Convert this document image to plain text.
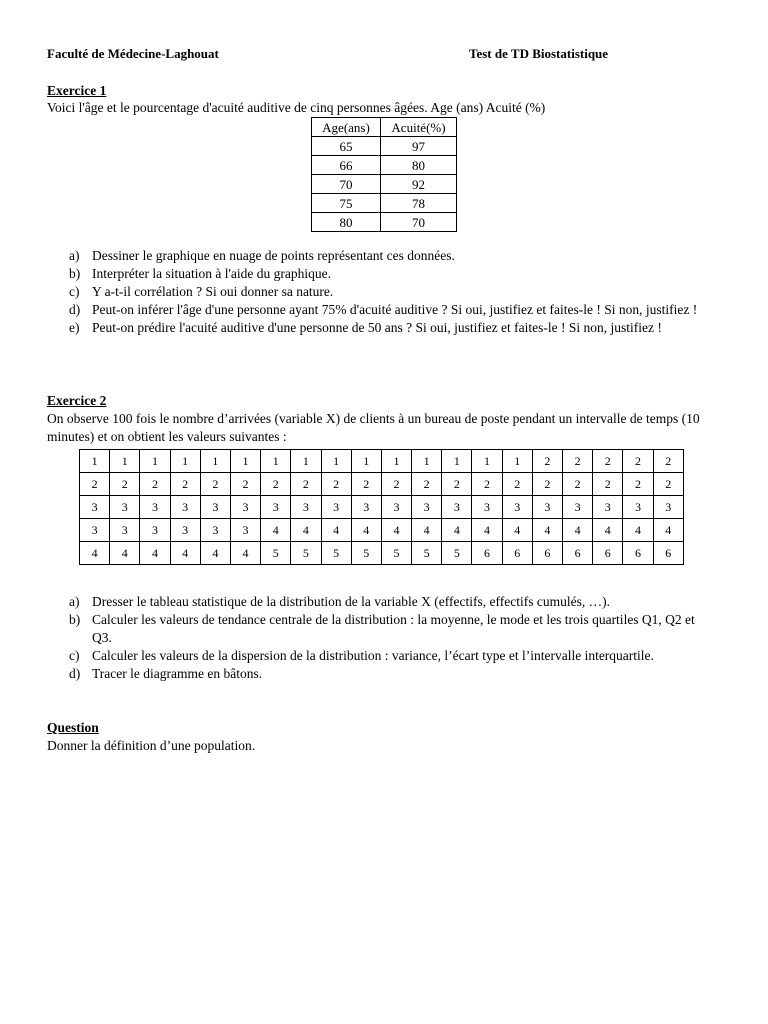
Faculté de Médecine-Laghouat	Test de TD Biostatistique
Exercice 1
Voici l'âge et le pourcentage d'acuité auditive de cinq personnes âgées. Age (ans) Acuité (%)
Age(ans)	Acuité(%)
65	97
66	80
70	92
75	78
80	70
a) Dessiner le graphique en nuage de points représentant ces données.
b) Interpréter la situation à l'aide du graphique.
c) Y a-t-il corrélation ? Si oui donner sa nature.
d) Peut-on inférer l'âge d'une personne ayant 75% d'acuité auditive ? Si oui, justifiez et faites-le ! Si non, justifiez !
e) Peut-on prédire l'acuité auditive d'une personne de 50 ans ? Si oui, justifiez et faites-le ! Si non, justifiez !
Exercice 2
On observe 100 fois le nombre d’arrivées (variable X) de clients à un bureau de poste pendant un intervalle de temps (10 minutes) et on obtient les valeurs suivantes :
1	1	1	1	1	1	1	1	1	1	1	1	1	1	1	2	2	2	2	2
2	2	2	2	2	2	2	2	2	2	2	2	2	2	2	2	2	2	2	2
3	3	3	3	3	3	3	3	3	3	3	3	3	3	3	3	3	3	3	3
3	3	3	3	3	3	4	4	4	4	4	4	4	4	4	4	4	4	4	4
4	4	4	4	4	4	5	5	5	5	5	5	5	6	6	6	6	6	6	6
a) Dresser le tableau statistique de la distribution de la variable X (effectifs, effectifs cumulés, …).
b) Calculer les valeurs de tendance centrale de la distribution : la moyenne, le mode et les trois quartiles Q1, Q2 et Q3.
c) Calculer les valeurs de la dispersion de la distribution : variance, l’écart type et l’intervalle interquartile.
d) Tracer le diagramme en bâtons.
Question
Donner la définition d’une population.
